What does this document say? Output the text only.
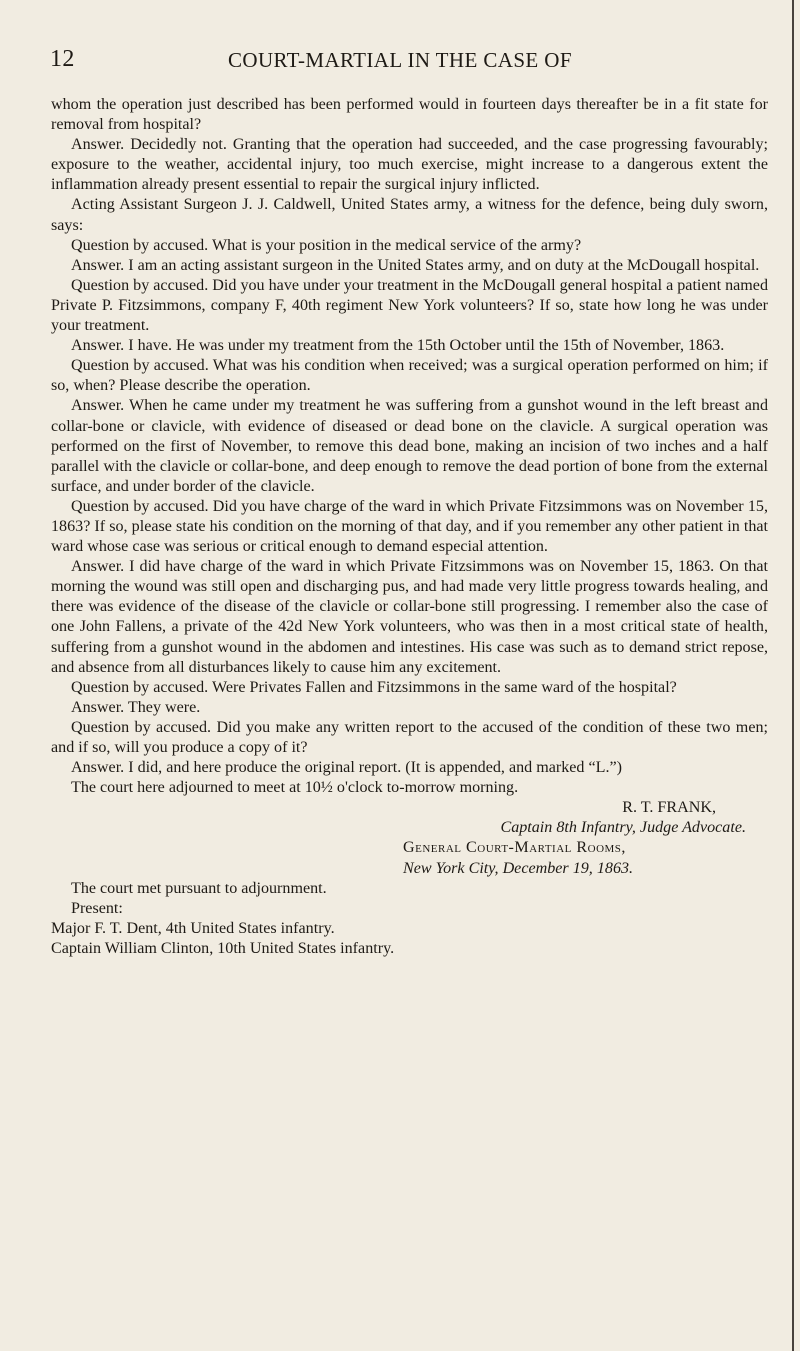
12	COURT-MARTIAL IN THE CASE OF

whom the operation just described has been performed would in fourteen days thereafter be in a fit state for removal from hospital?

Answer. Decidedly not. Granting that the operation had succeeded, and the case progressing favourably; exposure to the weather, accidental injury, too much exercise, might increase to a dangerous extent the inflammation already present essential to repair the surgical injury inflicted.

Acting Assistant Surgeon J. J. Caldwell, United States army, a witness for the defence, being duly sworn, says:

Question by accused. What is your position in the medical service of the army?

Answer. I am an acting assistant surgeon in the United States army, and on duty at the McDougall hospital.

Question by accused. Did you have under your treatment in the McDougall general hospital a patient named Private P. Fitzsimmons, company F, 40th regiment New York volunteers? If so, state how long he was under your treatment.

Answer. I have. He was under my treatment from the 15th October until the 15th of November, 1863.

Question by accused. What was his condition when received; was a surgical operation performed on him; if so, when? Please describe the operation.

Answer. When he came under my treatment he was suffering from a gunshot wound in the left breast and collar-bone or clavicle, with evidence of diseased or dead bone on the clavicle. A surgical operation was performed on the first of November, to remove this dead bone, making an incision of two inches and a half parallel with the clavicle or collar-bone, and deep enough to remove the dead portion of bone from the external surface, and under border of the clavicle.

Question by accused. Did you have charge of the ward in which Private Fitzsimmons was on November 15, 1863? If so, please state his condition on the morning of that day, and if you remember any other patient in that ward whose case was serious or critical enough to demand especial attention.

Answer. I did have charge of the ward in which Private Fitzsimmons was on November 15, 1863. On that morning the wound was still open and discharging pus, and had made very little progress towards healing, and there was evidence of the disease of the clavicle or collar-bone still progressing. I remember also the case of one John Fallens, a private of the 42d New York volunteers, who was then in a most critical state of health, suffering from a gunshot wound in the abdomen and intestines. His case was such as to demand strict repose, and absence from all disturbances likely to cause him any excitement.

Question by accused. Were Privates Fallen and Fitzsimmons in the same ward of the hospital?

Answer. They were.

Question by accused. Did you make any written report to the accused of the condition of these two men; and if so, will you produce a copy of it?

Answer. I did, and here produce the original report. (It is appended, and marked “L.”)

The court here adjourned to meet at 10½ o'clock to-morrow morning.

R. T. FRANK,

Captain 8th Infantry, Judge Advocate.

General Court-Martial Rooms,
New York City, December 19, 1863.

The court met pursuant to adjournment.

Present:

Major F. T. Dent, 4th United States infantry.

Captain William Clinton, 10th United States infantry.
